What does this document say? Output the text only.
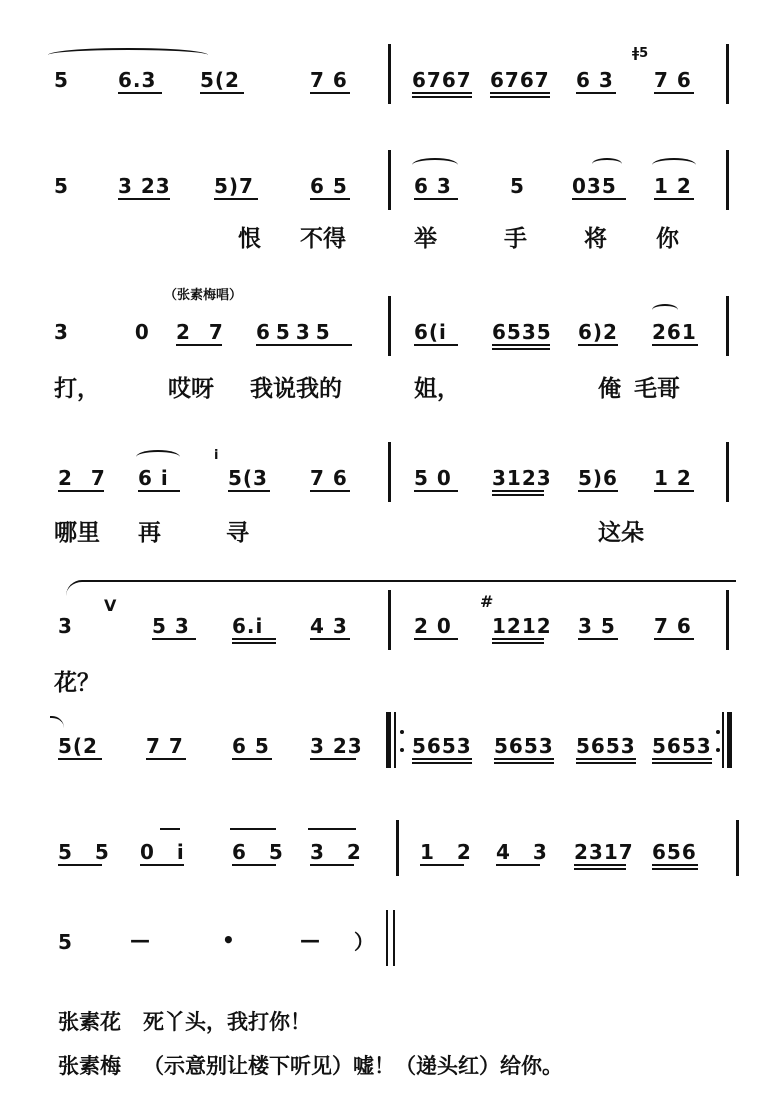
5 6.3 5(2	7 6	6767 6767 6 3
ǂ5
7 6
5 3 23 5)7	6 5	6 3	5 035 1 2
恨 不得	举	手 将 你
（张素梅唱）
3 0
2 7 6535	6(i 6535 6)2 261
打，	哎呀 我说我的	姐，	俺 毛哥
2 7 6 i
i
5(3 7 6	5 0 3123 5)6 1 2
哪里 再	寻	这朵
3
V
5 3 6.i 4 3	2 0
#
1212 3 5 7 6
花？
5(2 7 7 6 5 3 23 5653 5653 5653 5653
5 5 0 i 6 5 3 2	1 2 4 3 2317 656
5	—	•	— ）
张素花 死丫头，我打你！
张素梅 （示意别让楼下听见）嘘！（递头红）给你。
